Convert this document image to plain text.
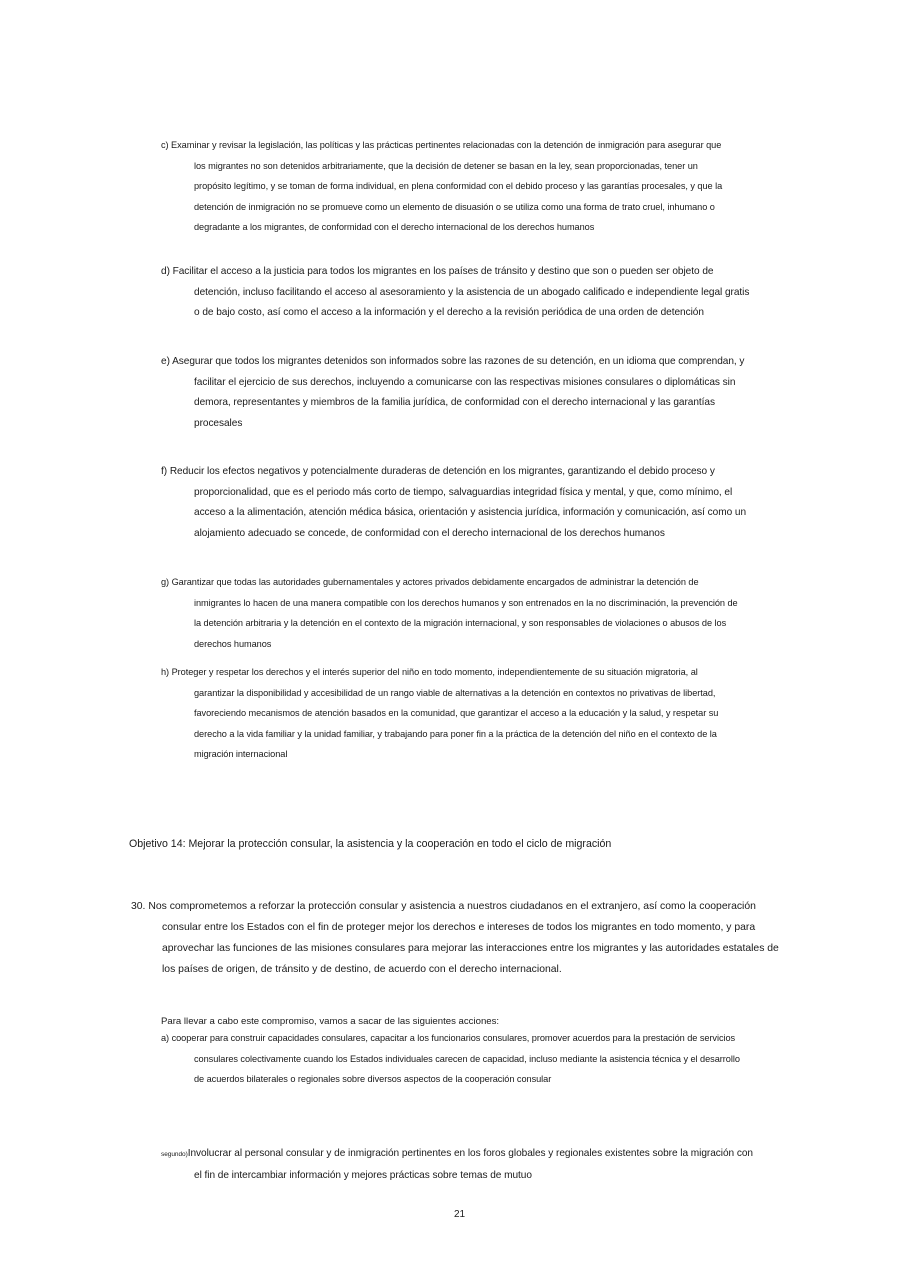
c) Examinar y revisar la legislación, las políticas y las prácticas pertinentes relacionadas con la detención de inmigración para asegurar que
los migrantes no son detenidos arbitrariamente, que la decisión de detener se basan en la ley, sean proporcionadas, tener un
propósito legítimo, y se toman de forma individual, en plena conformidad con el debido proceso y las garantías procesales, y que la
detención de inmigración no se promueve como un elemento de disuasión o se utiliza como una forma de trato cruel, inhumano o
degradante a los migrantes, de conformidad con el derecho internacional de los derechos humanos
d) Facilitar el acceso a la justicia para todos los migrantes en los países de tránsito y destino que son o pueden ser objeto de
detención, incluso facilitando el acceso al asesoramiento y la asistencia de un abogado calificado e independiente legal gratis
o de bajo costo, así como el acceso a la información y el derecho a la revisión periódica de una orden de detención
e) Asegurar que todos los migrantes detenidos son informados sobre las razones de su detención, en un idioma que comprendan, y
facilitar el ejercicio de sus derechos, incluyendo a comunicarse con las respectivas misiones consulares o diplomáticas sin
demora, representantes y miembros de la familia jurídica, de conformidad con el derecho internacional y las garantías
procesales
f) Reducir los efectos negativos y potencialmente duraderas de detención en los migrantes, garantizando el debido proceso y
proporcionalidad, que es el periodo más corto de tiempo, salvaguardias integridad física y mental, y que, como mínimo, el
acceso a la alimentación, atención médica básica, orientación y asistencia jurídica, información y comunicación, así como un
alojamiento adecuado se concede, de conformidad con el derecho internacional de los derechos humanos
g) Garantizar que todas las autoridades gubernamentales y actores privados debidamente encargados de administrar la detención de
inmigrantes lo hacen de una manera compatible con los derechos humanos y son entrenados en la no discriminación, la prevención de
la detención arbitraria y la detención en el contexto de la migración internacional, y son responsables de violaciones o abusos de los
derechos humanos
h) Proteger y respetar los derechos y el interés superior del niño en todo momento, independientemente de su situación migratoria, al
garantizar la disponibilidad y accesibilidad de un rango viable de alternativas a la detención en contextos no privativas de libertad,
favoreciendo mecanismos de atención basados en la comunidad, que garantizar el acceso a la educación y la salud, y respetar su
derecho a la vida familiar y la unidad familiar, y trabajando para poner fin a la práctica de la detención del niño en el contexto de la
migración internacional
Objetivo 14: Mejorar la protección consular, la asistencia y la cooperación en todo el ciclo de migración
30. Nos comprometemos a reforzar la protección consular y asistencia a nuestros ciudadanos en el extranjero, así como la cooperación
consular entre los Estados con el fin de proteger mejor los derechos e intereses de todos los migrantes en todo momento, y para
aprovechar las funciones de las misiones consulares para mejorar las interacciones entre los migrantes y las autoridades estatales de
los países de origen, de tránsito y de destino, de acuerdo con el derecho internacional.
Para llevar a cabo este compromiso, vamos a sacar de las siguientes acciones:
a) cooperar para construir capacidades consulares, capacitar a los funcionarios consulares, promover acuerdos para la prestación de servicios
consulares colectivamente cuando los Estados individuales carecen de capacidad, incluso mediante la asistencia técnica y el desarrollo
de acuerdos bilaterales o regionales sobre diversos aspectos de la cooperación consular
segundo)Involucrar al personal consular y de inmigración pertinentes en los foros globales y regionales existentes sobre la migración con
el fin de intercambiar información y mejores prácticas sobre temas de mutuo
21
